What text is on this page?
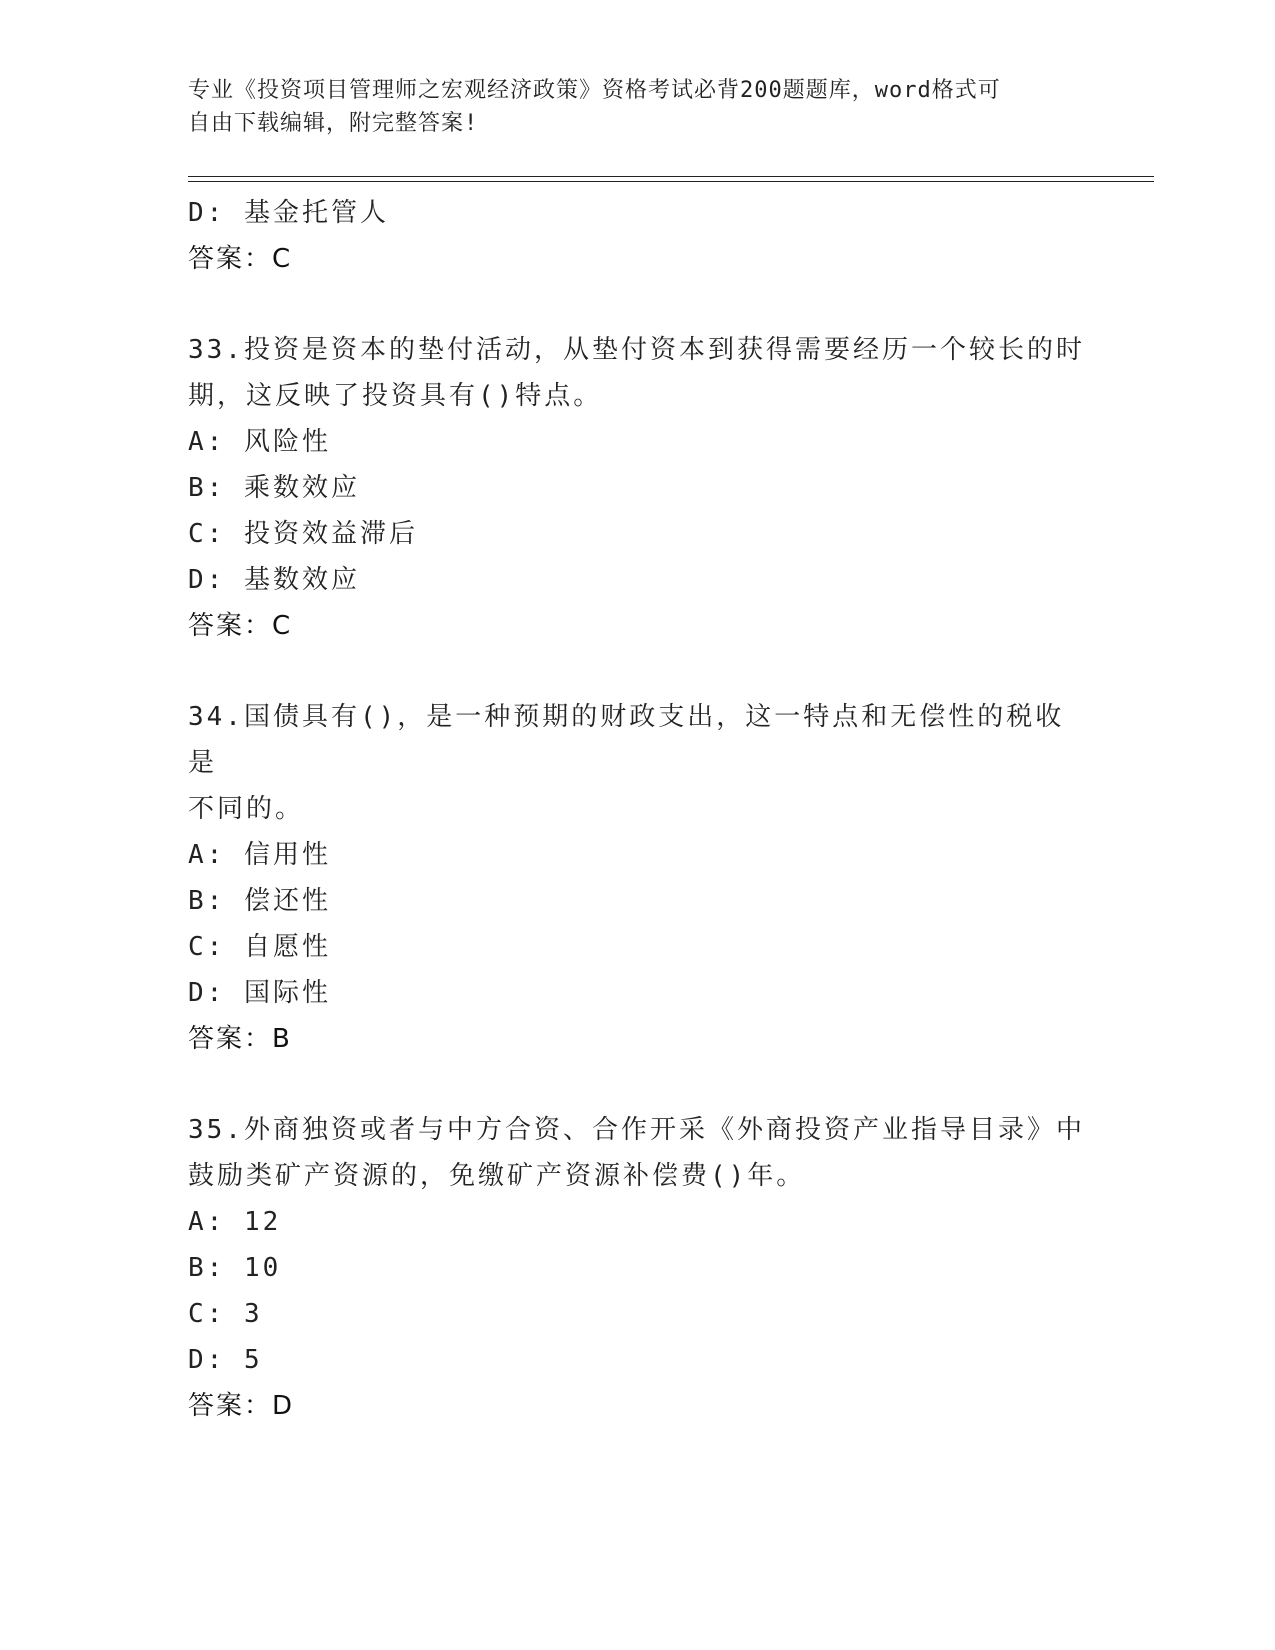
专业《投资项目管理师之宏观经济政策》资格考试必背200题题库，word格式可
自由下载编辑，附完整答案!
D: 基金托管人
答案：C
33.投资是资本的垫付活动，从垫付资本到获得需要经历一个较长的时
期，这反映了投资具有()特点。
A: 风险性
B: 乘数效应
C: 投资效益滞后
D: 基数效应
答案：C
34.国债具有()，是一种预期的财政支出，这一特点和无偿性的税收是
不同的。
A: 信用性
B: 偿还性
C: 自愿性
D: 国际性
答案：B
35.外商独资或者与中方合资、合作开采《外商投资产业指导目录》中
鼓励类矿产资源的，免缴矿产资源补偿费()年。
A: 12
B: 10
C: 3
D: 5
答案：D
